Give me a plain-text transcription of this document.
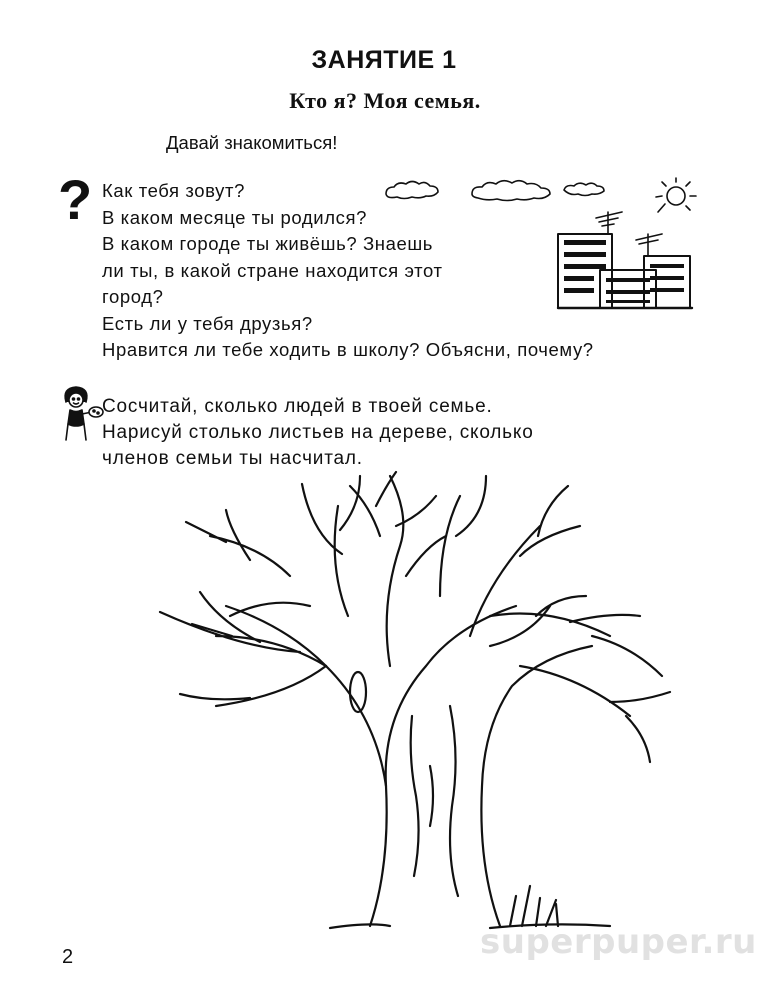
ЗАНЯТИЕ 1
Кто я? Моя семья.
Давай знакомиться!
? Как тебя зовут?
В каком месяце ты родился?
В каком городе ты живёшь? Знаешь
ли ты, в какой стране находится этот
город?
Есть ли у тебя друзья?
Нравится ли тебе ходить в школу? Объясни, почему?
Сосчитай, сколько людей в твоей семье.
Нарисуй столько листьев на дереве, сколько
членов семьи ты насчитал.
2	superpuper.ru
